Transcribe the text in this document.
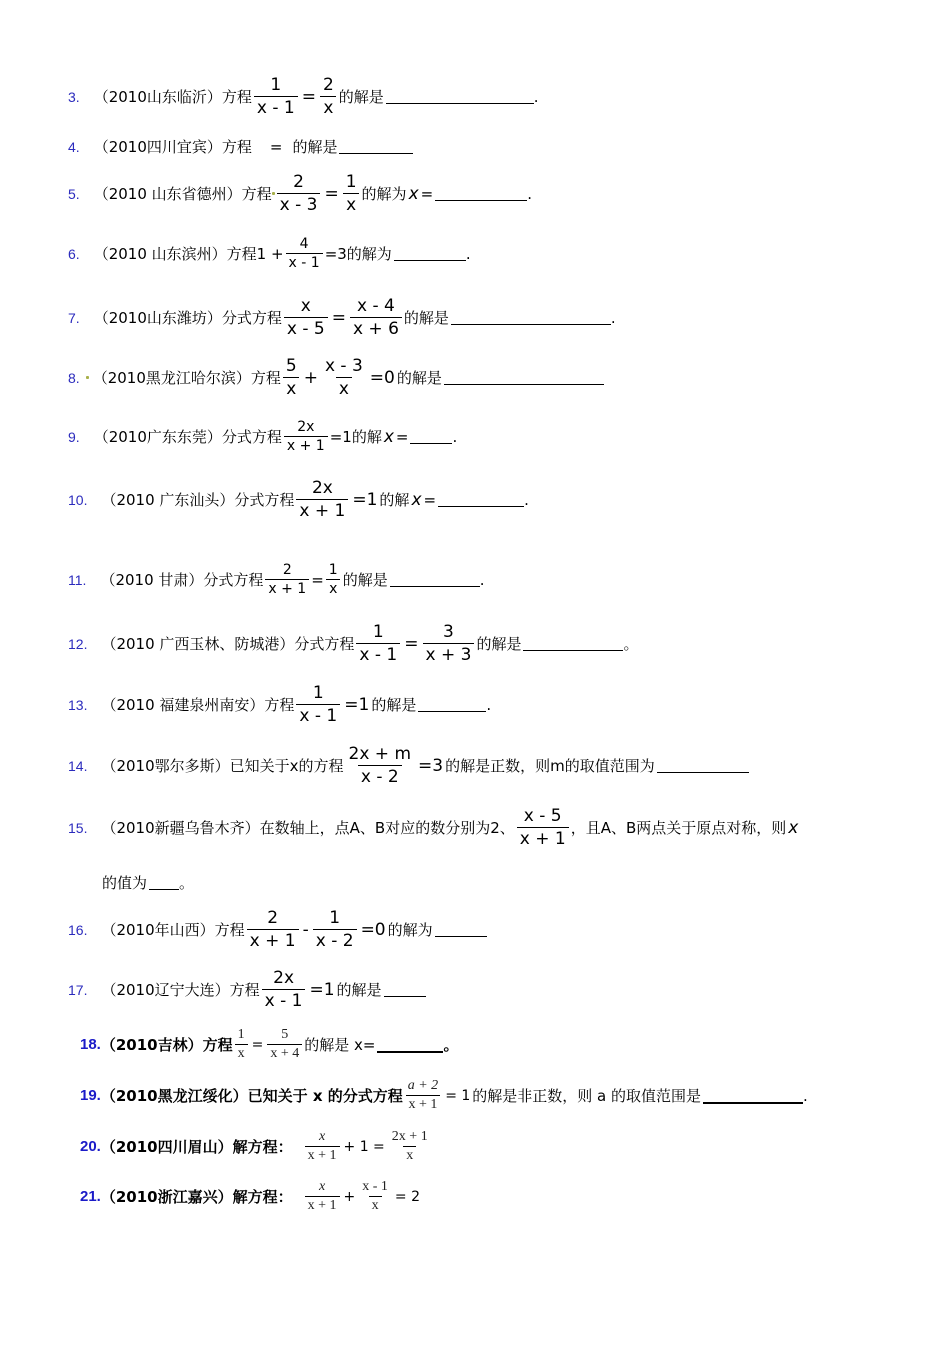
3. （2010山东临沂）方程 $\frac{1}{x - 1} = \frac{2}{x}$ 的解是	.
4. （2010四川宜宾）方程 = 的解是
5. （2010 山东省德州）方程 $\frac{2}{x - 3} = \frac{1}{x}$ 的解为 x =	.
6. （2010 山东滨州）方程 $1 + \frac{4}{x - 1} =3$的解为	.
7. （2010山东潍坊）分式方程 $\frac{x}{x - 5} = \frac{x - 4}{x + 6}$ 的解是	.
8. （2010黑龙江哈尔滨）方程 $\frac{5}{x} + \frac{x - 3}{x} =0$ 的解是
9. （2010广东东莞）分式方程 $\frac{2x}{x + 1} =1$ 的解 x =	.
10. （2010 广东汕头）分式方程 $\frac{2x}{x + 1} =1$ 的解 x =	.
11. （2010 甘肃）分式方程 $\frac{2}{x + 1} = \frac{1}{x}$ 的解是	.
12. （2010 广西玉林、防城港）分式方程 $\frac{1}{x - 1} = \frac{3}{x + 3}$ 的解是	。
13. （2010 福建泉州南安）方程 $\frac{1}{x - 1} =1$ 的解是	.
14. （2010鄂尔多斯）已知关于x的方程 $\frac{2x + m}{x - 2} =3$ 的解是正数，则m的取值范围为
15. （2010新疆乌鲁木齐）在数轴上，点A、B对应的数分别为2、 $\frac{x - 5}{x + 1}$ ，且A、B两点关于原点对称，则 x
的值为 。
16. （2010年山西）方程 $\frac{2}{x + 1} - \frac{1}{x - 2} =0$ 的解为
17. （2010辽宁大连）方程 $\frac{2x}{x - 1} =1$ 的解是
18. （2010吉林）方程 $\frac{1}{x} = \frac{5}{x + 4}$ 的解是 x=	。
19. （2010黑龙江绥化）已知关于 x 的分式方程 $\frac{a + 2}{x + 1} = 1$ 的解是非正数，则 a 的取值范围是	.
20. （2010四川眉山）解方程： $\frac{x}{x + 1} + 1 = \frac{2x + 1}{x}$
21. （2010浙江嘉兴）解方程： $\frac{x}{x + 1} + \frac{x - 1}{x} = 2$
